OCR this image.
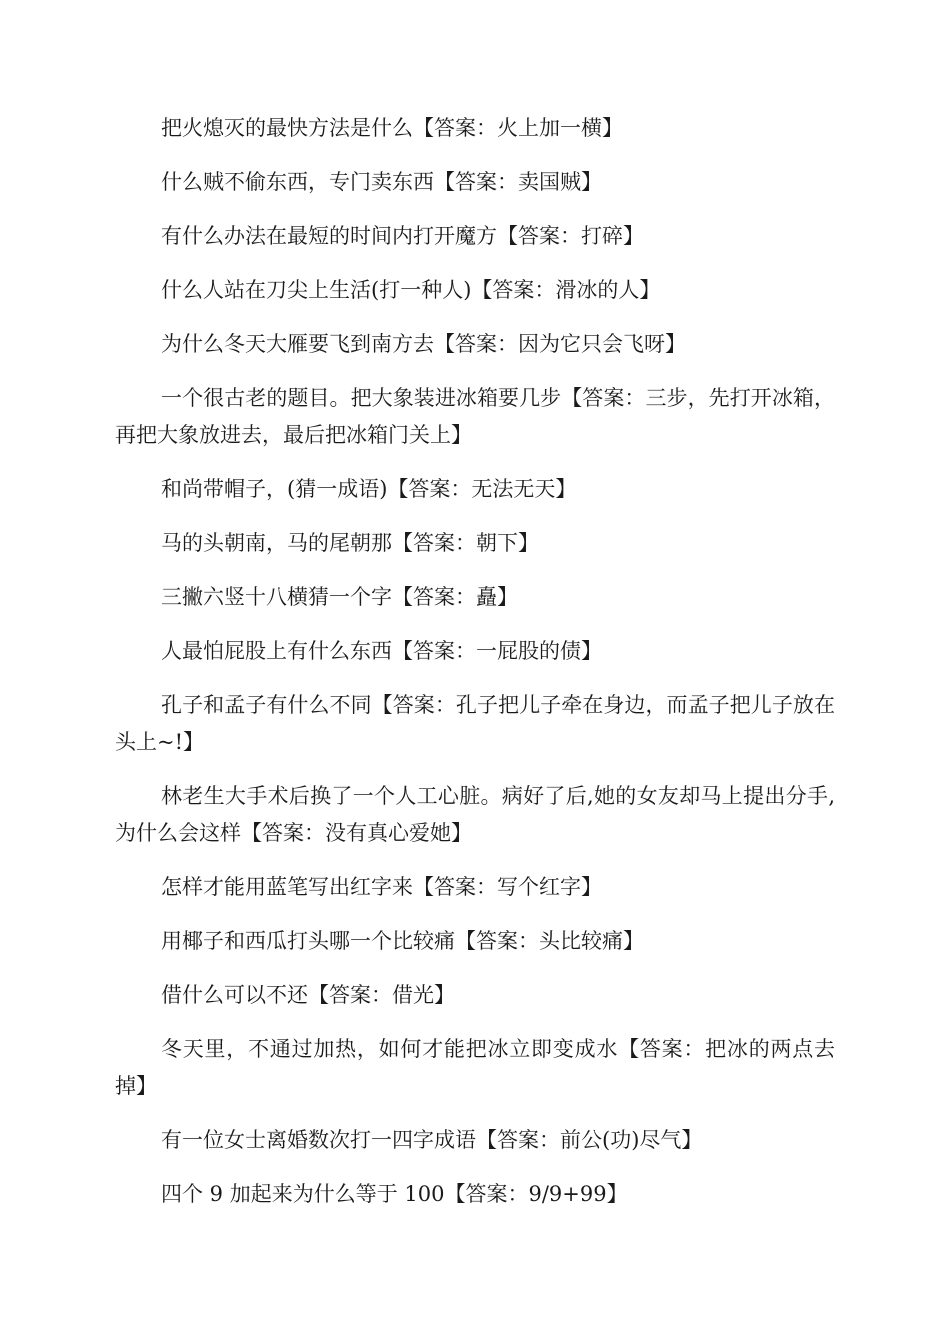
把火熄灭的最快方法是什么【答案：火上加一横】

什么贼不偷东西，专门卖东西【答案：卖国贼】

有什么办法在最短的时间内打开魔方【答案：打碎】

什么人站在刀尖上生活(打一种人)【答案：滑冰的人】

为什么冬天大雁要飞到南方去【答案：因为它只会飞呀】

一个很古老的题目。把大象装进冰箱要几步【答案：三步，先打开冰箱，再把大象放进去，最后把冰箱门关上】

和尚带帽子，(猜一成语)【答案：无法无天】

马的头朝南，马的尾朝那【答案：朝下】

三撇六竖十八横猜一个字【答案：矗】

人最怕屁股上有什么东西【答案：一屁股的债】

孔子和孟子有什么不同【答案：孔子把儿子牵在身边，而孟子把儿子放在头上~!】

林老生大手术后换了一个人工心脏。病好了后,她的女友却马上提出分手,为什么会这样【答案：没有真心爱她】

怎样才能用蓝笔写出红字来【答案：写个红字】

用椰子和西瓜打头哪一个比较痛【答案：头比较痛】

借什么可以不还【答案：借光】

冬天里，不通过加热，如何才能把冰立即变成水【答案：把冰的两点去掉】

有一位女士离婚数次打一四字成语【答案：前公(功)尽气】

四个 9 加起来为什么等于 100【答案：9/9+99】
